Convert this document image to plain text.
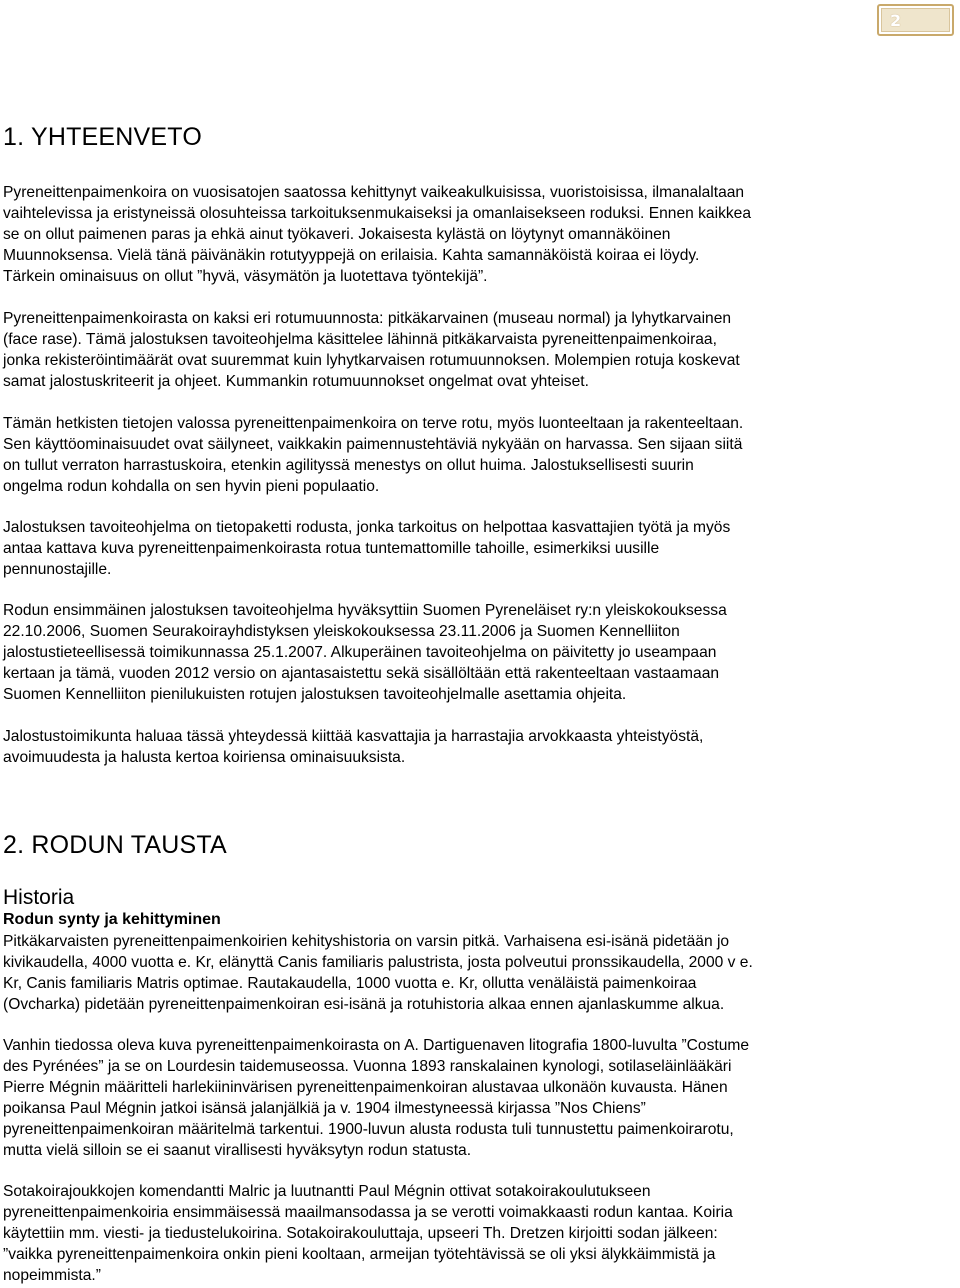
2
1. YHTEENVETO

Pyreneittenpaimenkoira on vuosisatojen saatossa kehittynyt vaikeakulkuisissa, vuoristoisissa, ilmanalaltaan
vaihtelevissa ja eristyneissä olosuhteissa tarkoituksenmukaiseksi ja omanlaisekseen roduksi. Ennen kaikkea
se on ollut paimenen paras ja ehkä ainut työkaveri. Jokaisesta kylästä on löytynyt omannäköinen
Muunnoksensa. Vielä tänä päivänäkin rotutyyppejä on erilaisia. Kahta samannäköistä koiraa ei löydy.
Tärkein ominaisuus on ollut ”hyvä, väsymätön ja luotettava työntekijä”.

Pyreneittenpaimenkoirasta on kaksi eri rotumuunnosta: pitkäkarvainen (museau normal) ja lyhytkarvainen
(face rase). Tämä jalostuksen tavoiteohjelma käsittelee lähinnä pitkäkarvaista pyreneittenpaimenkoiraa,
jonka rekisteröintimäärät ovat suuremmat kuin lyhytkarvaisen rotumuunnoksen. Molempien rotuja koskevat
samat jalostuskriteerit ja ohjeet. Kummankin rotumuunnokset ongelmat ovat yhteiset.

Tämän hetkisten tietojen valossa pyreneittenpaimenkoira on terve rotu, myös luonteeltaan ja rakenteeltaan.
Sen käyttöominaisuudet ovat säilyneet, vaikkakin paimennustehtäviä nykyään on harvassa. Sen sijaan siitä
on tullut verraton harrastuskoira, etenkin agilityssä menestys on ollut huima. Jalostuksellisesti suurin
ongelma rodun kohdalla on sen hyvin pieni populaatio.

Jalostuksen tavoiteohjelma on tietopaketti rodusta, jonka tarkoitus on helpottaa kasvattajien työtä ja myös
antaa kattava kuva pyreneittenpaimenkoirasta rotua tuntemattomille tahoille, esimerkiksi uusille
pennunostajille.

Rodun ensimmäinen jalostuksen tavoiteohjelma hyväksyttiin Suomen Pyreneläiset ry:n yleiskokouksessa
22.10.2006, Suomen Seurakoirayhdistyksen yleiskokouksessa 23.11.2006 ja Suomen Kennelliiton
jalostustieteellisessä toimikunnassa 25.1.2007. Alkuperäinen tavoiteohjelma on päivitetty jo useampaan
kertaan ja tämä, vuoden 2012 versio on ajantasaistettu sekä sisällöltään että rakenteeltaan vastaamaan
Suomen Kennelliiton pienilukuisten rotujen jalostuksen tavoiteohjelmalle asettamia ohjeita.

Jalostustoimikunta haluaa tässä yhteydessä kiittää kasvattajia ja harrastajia arvokkaasta yhteistyöstä,
avoimuudesta ja halusta kertoa koiriensa ominaisuuksista.

2. RODUN TAUSTA
Historia
Rodun synty ja kehittyminen

Pitkäkarvaisten pyreneittenpaimenkoirien kehityshistoria on varsin pitkä. Varhaisena esi-isänä pidetään jo
kivikaudella, 4000 vuotta e. Kr, elänyttä Canis familiaris palustrista, josta polveutui pronssikaudella, 2000 v e.
Kr, Canis familiaris Matris optimae. Rautakaudella, 1000 vuotta e. Kr, ollutta venäläistä paimenkoiraa
(Ovcharka) pidetään pyreneittenpaimenkoiran esi-isänä ja rotuhistoria alkaa ennen ajanlaskumme alkua.

Vanhin tiedossa oleva kuva pyreneittenpaimenkoirasta on A. Dartiguenaven litografia 1800-luvulta ”Costume
des Pyrénées” ja se on Lourdesin taidemuseossa. Vuonna 1893 ranskalainen kynologi, sotilaseläinlääkäri
Pierre Mégnin määritteli harlekiininvärisen pyreneittenpaimenkoiran alustavaa ulkonäön kuvausta. Hänen
poikansa Paul Mégnin jatkoi isänsä jalanjälkiä ja v. 1904 ilmestyneessä kirjassa ”Nos Chiens”
pyreneittenpaimenkoiran määritelmä tarkentui. 1900-luvun alusta rodusta tuli tunnustettu paimenkoirarotu,
mutta vielä silloin se ei saanut virallisesti hyväksytyn rodun statusta.

Sotakoirajoukkojen komendantti Malric ja luutnantti Paul Mégnin ottivat sotakoirakoulutukseen
pyreneittenpaimenkoiria ensimmäisessä maailmansodassa ja se verotti voimakkaasti rodun kantaa. Koiria
käytettiin mm. viesti- ja tiedustelukoirina. Sotakoirakouluttaja, upseeri Th. Dretzen kirjoitti sodan jälkeen:
”vaikka pyreneittenpaimenkoira onkin pieni kooltaan, armeijan työtehtävissä se oli yksi älykkäimmistä ja
nopeimmista.”
